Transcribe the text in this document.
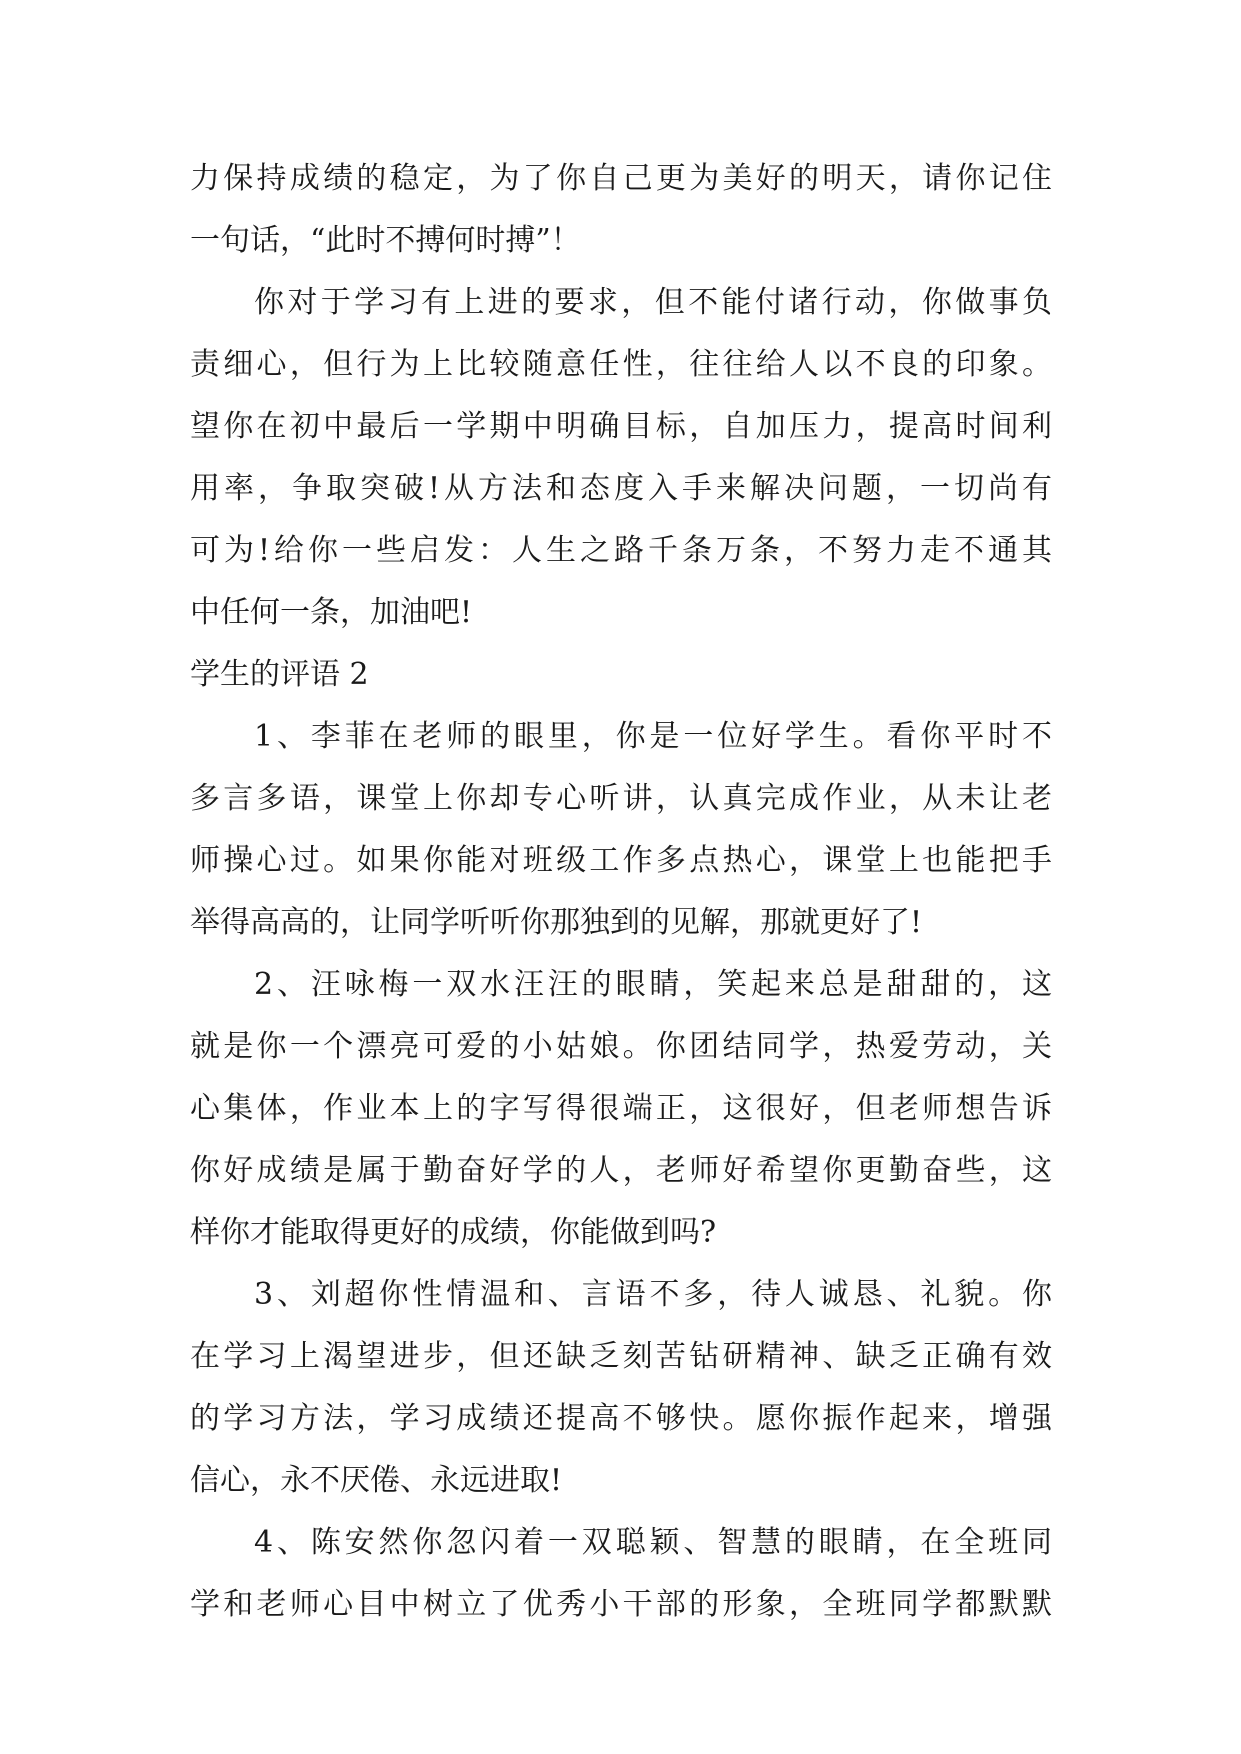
力保持成绩的稳定，为了你自己更为美好的明天，请你记住
一句话，“此时不搏何时搏”！
你对于学习有上进的要求，但不能付诸行动，你做事负
责细心，但行为上比较随意任性，往往给人以不良的印象。
望你在初中最后一学期中明确目标，自加压力，提高时间利
用率，争取突破!从方法和态度入手来解决问题，一切尚有
可为!给你一些启发：人生之路千条万条，不努力走不通其
中任何一条，加油吧!
学生的评语 2
1、李菲在老师的眼里，你是一位好学生。看你平时不
多言多语，课堂上你却专心听讲，认真完成作业，从未让老
师操心过。如果你能对班级工作多点热心，课堂上也能把手
举得高高的，让同学听听你那独到的见解，那就更好了!
2、汪咏梅一双水汪汪的眼睛，笑起来总是甜甜的，这
就是你一个漂亮可爱的小姑娘。你团结同学，热爱劳动，关
心集体，作业本上的字写得很端正，这很好，但老师想告诉
你好成绩是属于勤奋好学的人，老师好希望你更勤奋些，这
样你才能取得更好的成绩，你能做到吗?
3、刘超你性情温和、言语不多，待人诚恳、礼貌。你
在学习上渴望进步，但还缺乏刻苦钻研精神、缺乏正确有效
的学习方法，学习成绩还提高不够快。愿你振作起来，增强
信心，永不厌倦、永远进取!
4、陈安然你忽闪着一双聪颖、智慧的眼睛，在全班同
学和老师心目中树立了优秀小干部的形象，全班同学都默默
